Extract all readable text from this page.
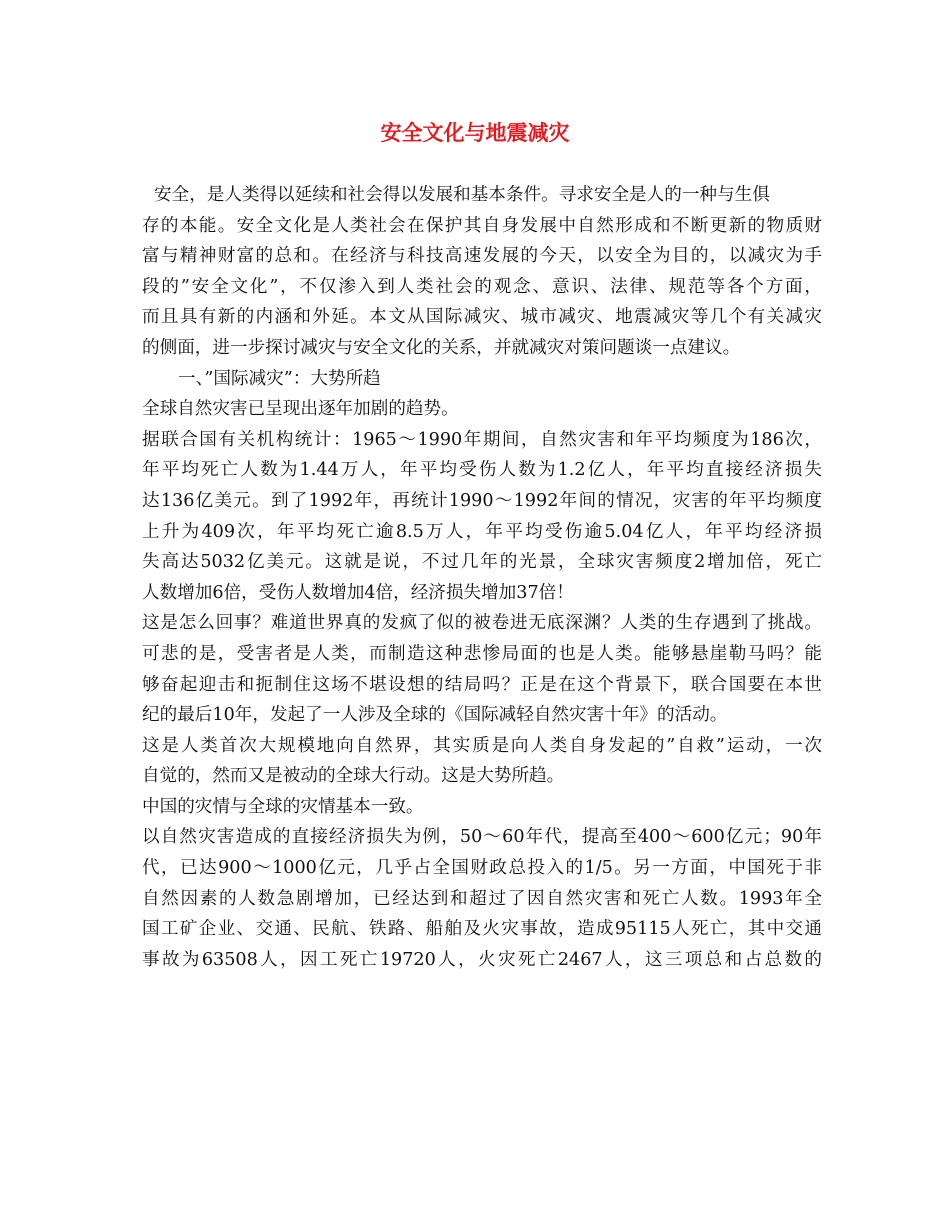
安全文化与地震减灾
安全，是人类得以延续和社会得以发展和基本条件。寻求安全是人的一种与生俱
存的本能。安全文化是人类社会在保护其自身发展中自然形成和不断更新的物质财
富与精神财富的总和。在经济与科技高速发展的今天，以安全为目的，以减灾为手
段的”安全文化”，不仅渗入到人类社会的观念、意识、法律、规范等各个方面，
而且具有新的内涵和外延。本文从国际减灾、城市减灾、地震减灾等几个有关减灾
的侧面，进一步探讨减灾与安全文化的关系，并就减灾对策问题谈一点建议。
一、”国际减灾”：大势所趋
全球自然灾害已呈现出逐年加剧的趋势。
据联合国有关机构统计：1965～1990年期间，自然灾害和年平均频度为186次，
年平均死亡人数为1.44万人，年平均受伤人数为1.2亿人，年平均直接经济损失
达136亿美元。到了1992年，再统计1990～1992年间的情况，灾害的年平均频度
上升为409次，年平均死亡逾8.5万人，年平均受伤逾5.04亿人，年平均经济损
失高达5032亿美元。这就是说，不过几年的光景，全球灾害频度2增加倍，死亡
人数增加6倍，受伤人数增加4倍，经济损失增加37倍！
这是怎么回事？难道世界真的发疯了似的被卷进无底深渊？人类的生存遇到了挑战。
可悲的是，受害者是人类，而制造这种悲惨局面的也是人类。能够悬崖勒马吗？能
够奋起迎击和扼制住这场不堪设想的结局吗？正是在这个背景下，联合国要在本世
纪的最后10年，发起了一人涉及全球的《国际减轻自然灾害十年》的活动。
这是人类首次大规模地向自然界，其实质是向人类自身发起的”自救”运动，一次
自觉的，然而又是被动的全球大行动。这是大势所趋。
中国的灾情与全球的灾情基本一致。
以自然灾害造成的直接经济损失为例，50～60年代，提高至400～600亿元；90年
代，已达900～1000亿元，几乎占全国财政总投入的1/5。另一方面，中国死于非
自然因素的人数急剧增加，已经达到和超过了因自然灾害和死亡人数。1993年全
国工矿企业、交通、民航、铁路、船舶及火灾事故，造成95115人死亡，其中交通
事故为63508人，因工死亡19720人，火灾死亡2467人，这三项总和占总数的
